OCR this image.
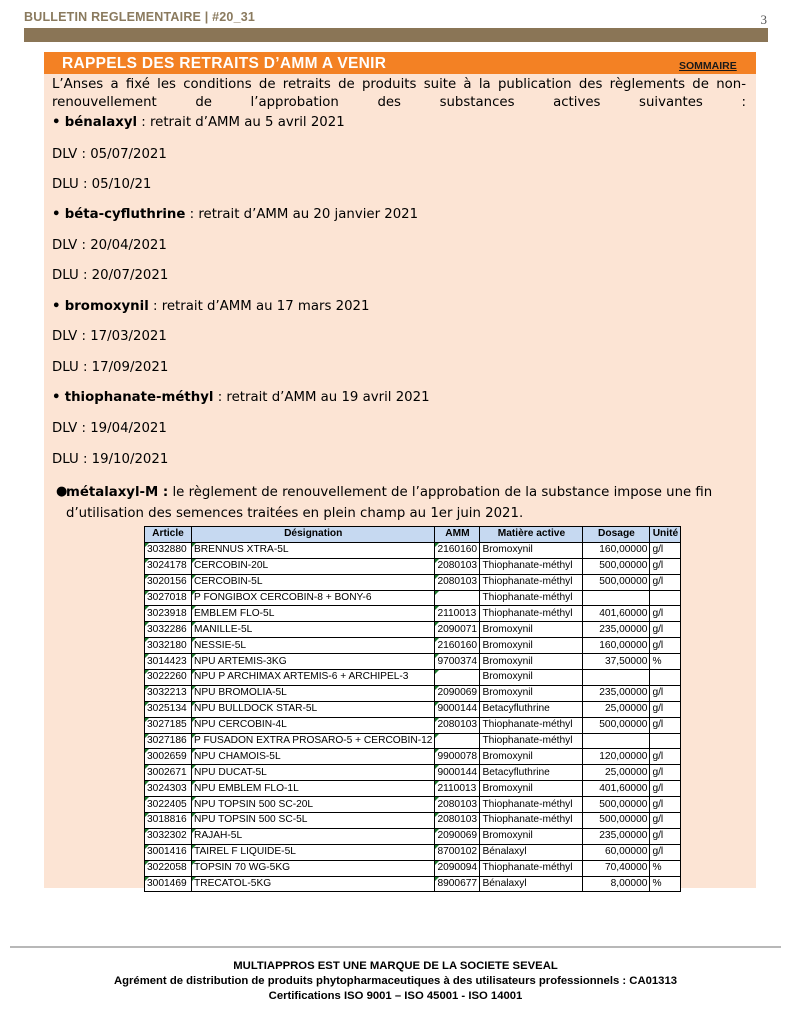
BULLETIN REGLEMENTAIRE | #20_31	3
RAPPELS DES RETRAITS D’AMM A VENIR	SOMMAIRE
L’Anses a fixé les conditions de retraits de produits suite à la publication des règlements de non-
renouvellement	de	l’approbation	des	substances	actives	suivantes	:
• bénalaxyl : retrait d’AMM au 5 avril 2021
DLV : 05/07/2021
DLU : 05/10/21
• béta-cyfluthrine : retrait d’AMM au 20 janvier 2021
DLV : 20/04/2021
DLU : 20/07/2021
• bromoxynil : retrait d’AMM au 17 mars 2021
DLV : 17/03/2021
DLU : 17/09/2021
• thiophanate-méthyl : retrait d’AMM au 19 avril 2021
DLV : 19/04/2021
DLU : 19/10/2021
●
métalaxyl-M : le règlement de renouvellement de l’approbation de la substance impose une fin d’utilisation des semences traitées en plein champ au 1er juin 2021.
Article	Désignation	AMM	Matière active	Dosage	Unité
3032880	BRENNUS XTRA-5L	2160160	Bromoxynil	160,00000	g/l
3024178	CERCOBIN-20L	2080103	Thiophanate-méthyl	500,00000	g/l
3020156	CERCOBIN-5L	2080103	Thiophanate-méthyl	500,00000	g/l
3027018	P FONGIBOX CERCOBIN-8 + BONY-6		Thiophanate-méthyl		
3023918	EMBLEM FLO-5L	2110013	Thiophanate-méthyl	401,60000	g/l
3032286	MANILLE-5L	2090071	Bromoxynil	235,00000	g/l
3032180	NESSIE-5L	2160160	Bromoxynil	160,00000	g/l
3014423	NPU ARTEMIS-3KG	9700374	Bromoxynil	37,50000	%
3022260	NPU P ARCHIMAX ARTEMIS-6 + ARCHIPEL-3		Bromoxynil		
3032213	NPU BROMOLIA-5L	2090069	Bromoxynil	235,00000	g/l
3025134	NPU BULLDOCK STAR-5L	9000144	Betacyfluthrine	25,00000	g/l
3027185	NPU CERCOBIN-4L	2080103	Thiophanate-méthyl	500,00000	g/l
3027186	P FUSADON EXTRA PROSARO-5 + CERCOBIN-12		Thiophanate-méthyl		
3002659	NPU CHAMOIS-5L	9900078	Bromoxynil	120,00000	g/l
3002671	NPU DUCAT-5L	9000144	Betacyfluthrine	25,00000	g/l
3024303	NPU EMBLEM FLO-1L	2110013	Bromoxynil	401,60000	g/l
3022405	NPU TOPSIN 500 SC-20L	2080103	Thiophanate-méthyl	500,00000	g/l
3018816	NPU TOPSIN 500 SC-5L	2080103	Thiophanate-méthyl	500,00000	g/l
3032302	RAJAH-5L	2090069	Bromoxynil	235,00000	g/l
3001416	TAIREL F LIQUIDE-5L	8700102	Bénalaxyl	60,00000	g/l
3022058	TOPSIN 70 WG-5KG	2090094	Thiophanate-méthyl	70,40000	%
3001469	TRECATOL-5KG	8900677	Bénalaxyl	8,00000	%
MULTIAPPROS EST UNE MARQUE DE LA SOCIETE SEVEAL
Agrément de distribution de produits phytopharmaceutiques à des utilisateurs professionnels : CA01313
Certifications ISO 9001 – ISO 45001 - ISO 14001
